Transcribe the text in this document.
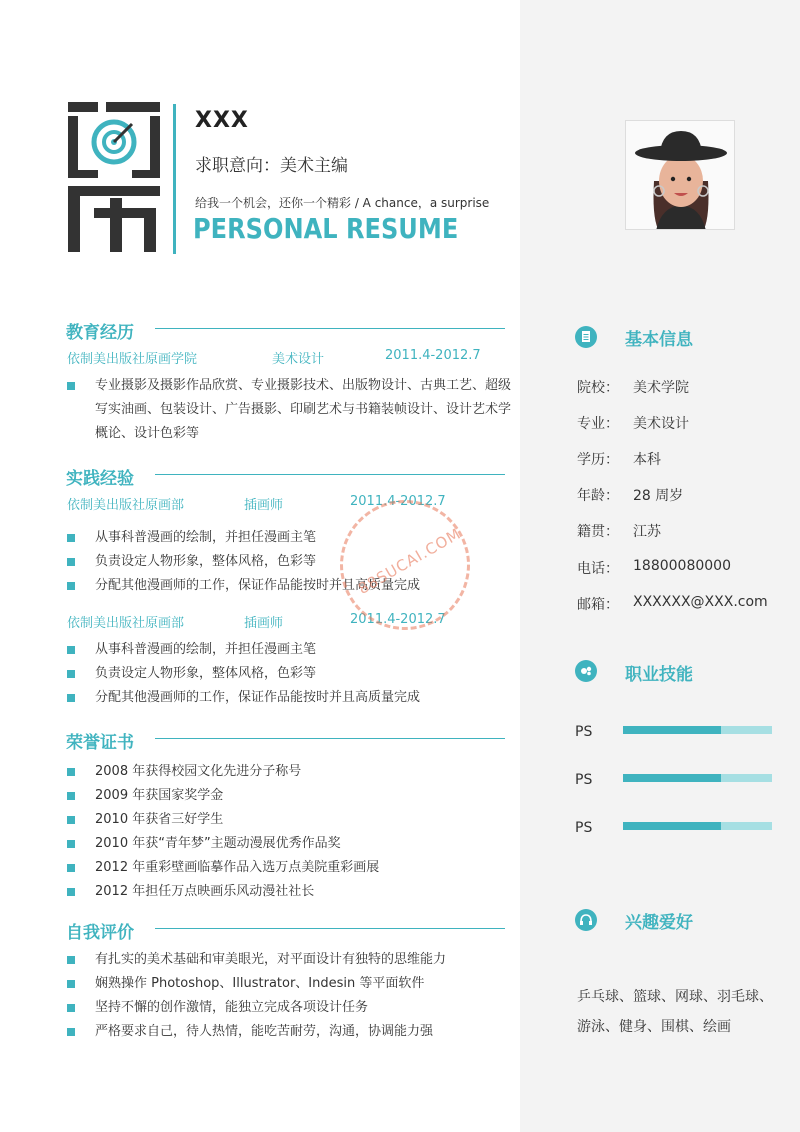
XXX
求职意向：美术主编
给我一个机会，还你一个精彩 / A chance，a surprise
PERSONAL RESUME
教育经历
依制美出版社原画学院	美术设计	2011.4-2012.7
专业摄影及摄影作品欣赏、专业摄影技术、出版物设计、古典工艺、超级写实油画、包装设计、广告摄影、印刷艺术与书籍装帧设计、设计艺术学概论、设计色彩等
实践经验
依制美出版社原画部	插画师	2011.4-2012.7
从事科普漫画的绘制，并担任漫画主笔
负责设定人物形象，整体风格，色彩等
分配其他漫画师的工作，保证作品能按时并且高质量完成
依制美出版社原画部	插画师	2011.4-2012.7
从事科普漫画的绘制，并担任漫画主笔
负责设定人物形象，整体风格，色彩等
分配其他漫画师的工作，保证作品能按时并且高质量完成
荣誉证书
2008 年获得校园文化先进分子称号
2009 年获国家奖学金
2010 年获省三好学生
2010 年获“青年梦”主题动漫展优秀作品奖
2012 年重彩壁画临摹作品入选万点美院重彩画展
2012 年担任万点映画乐风动漫社社长
自我评价
有扎实的美术基础和审美眼光，对平面设计有独特的思维能力
娴熟操作 Photoshop、Illustrator、Indesin 等平面软件
坚持不懈的创作激情，能独立完成各项设计任务
严格要求自己，待人热情，能吃苦耐劳，沟通，协调能力强
基本信息
院校： 美术学院
专业： 美术设计
学历： 本科
年龄： 28 周岁
籍贯： 江苏
电话： 18800080000
邮箱： XXXXXX@XXX.com
职业技能
PS
PS
PS
兴趣爱好
乒乓球、篮球、网球、羽毛球、游泳、健身、围棋、绘画
88SUCAI.COM
